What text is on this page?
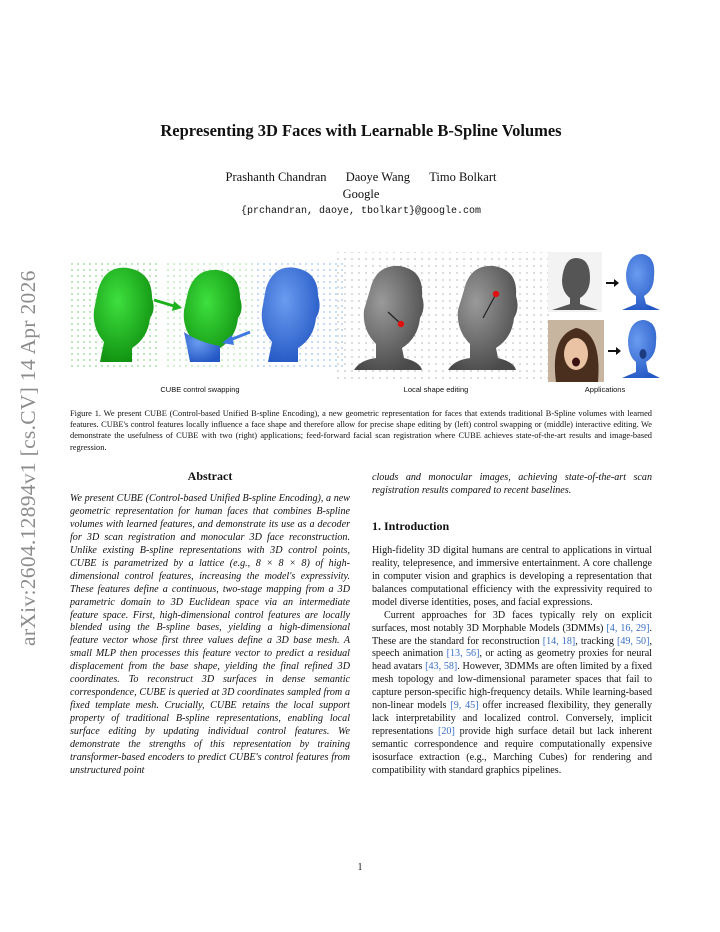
arXiv:2604.12894v1 [cs.CV] 14 Apr 2026
Representing 3D Faces with Learnable B-Spline Volumes
Prashanth Chandran Daoye Wang Timo Bolkart
Google
{prchandran, daoye, tbolkart}@google.com
CUBE control swapping	Local shape editing	Applications

Figure 1. We present CUBE (Control-based Unified B-spline Encoding), a new geometric representation for faces that extends traditional B-Spline volumes with learned features. CUBE's control features locally influence a face shape and therefore allow for precise shape editing by (left) control swapping or (middle) interactive editing. We demonstrate the usefulness of CUBE with two (right) applications; feed-forward facial scan registration where CUBE achieves state-of-the-art results and image-based regression.

Abstract

We present CUBE (Control-based Unified B-spline Encoding), a new geometric representation for human faces that combines B-spline volumes with learned features, and demonstrate its use as a decoder for 3D scan registration and monocular 3D face reconstruction. Unlike existing B-spline representations with 3D control points, CUBE is parametrized by a lattice (e.g., 8 × 8 × 8) of high-dimensional control features, increasing the model's expressivity. These features define a continuous, two-stage mapping from a 3D parametric domain to 3D Euclidean space via an intermediate feature space. First, high-dimensional control features are locally blended using the B-spline bases, yielding a high-dimensional feature vector whose first three values define a 3D base mesh. A small MLP then processes this feature vector to predict a residual displacement from the base shape, yielding the final refined 3D coordinates. To reconstruct 3D surfaces in dense semantic correspondence, CUBE is queried at 3D coordinates sampled from a fixed template mesh. Crucially, CUBE retains the local support property of traditional B-spline representations, enabling local surface editing by updating individual control features. We demonstrate the strengths of this representation by training transformer-based encoders to predict CUBE's control features from unstructured point

clouds and monocular images, achieving state-of-the-art scan registration results compared to recent baselines.

1. Introduction

High-fidelity 3D digital humans are central to applications in virtual reality, telepresence, and immersive entertainment. A core challenge in computer vision and graphics is developing a representation that balances computational efficiency with the expressivity required to model diverse identities, poses, and facial expressions.

Current approaches for 3D faces typically rely on explicit surfaces, most notably 3D Morphable Models (3DMMs) [4, 16, 29]. These are the standard for reconstruction [14, 18], tracking [49, 50], speech animation [13, 56], or acting as geometry proxies for neural head avatars [43, 58]. However, 3DMMs are often limited by a fixed mesh topology and low-dimensional parameter spaces that fail to capture person-specific high-frequency details. While learning-based non-linear models [9, 45] offer increased flexibility, they generally lack interpretability and localized control. Conversely, implicit representations [20] provide high surface detail but lack inherent semantic correspondence and require computationally expensive isosurface extraction (e.g., Marching Cubes) for rendering and compatibility with standard graphics pipelines.

1
